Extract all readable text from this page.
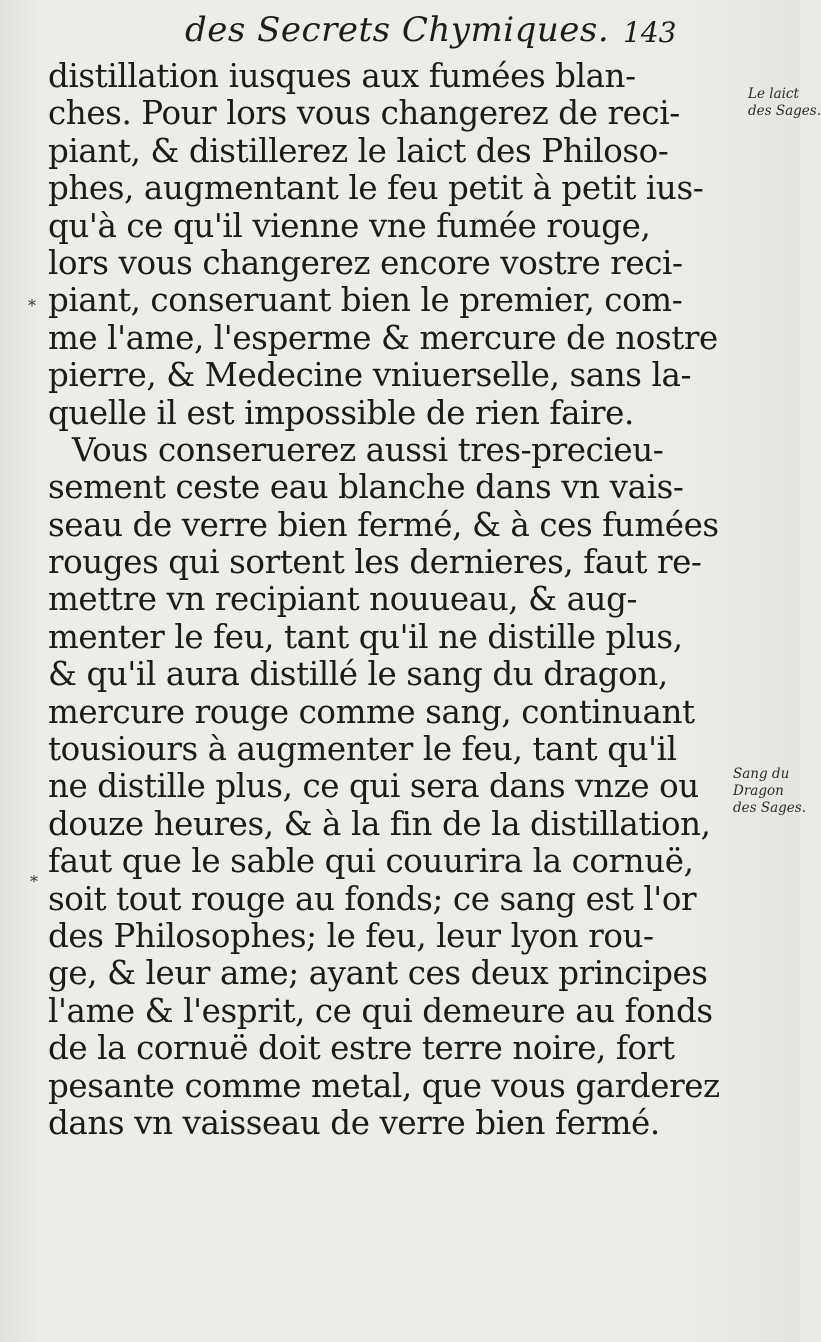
des Secrets Chymiques. 143
distillation iusques aux fumées blan-
ches. Pour lors vous changerez de reci-
piant, & distillerez le laict des Philoso-
phes, augmentant le feu petit à petit ius-
qu'à ce qu'il vienne vne fumée rouge,
lors vous changerez encore vostre reci-
piant, conseruant bien le premier, com-
me l'ame, l'esperme & mercure de nostre
pierre, & Medecine vniuerselle, sans la-
quelle il est impossible de rien faire.
Vous conseruerez aussi tres-precieu-
sement ceste eau blanche dans vn vais-
seau de verre bien fermé, & à ces fumées
rouges qui sortent les dernieres, faut re-
mettre vn recipiant nouueau, & aug-
menter le feu, tant qu'il ne distille plus,
& qu'il aura distillé le sang du dragon,
mercure rouge comme sang, continuant
tousiours à augmenter le feu, tant qu'il
ne distille plus, ce qui sera dans vnze ou
douze heures, & à la fin de la distillation,
faut que le sable qui couurira la cornuë,
soit tout rouge au fonds; ce sang est l'or
des Philosophes; le feu, leur lyon rou-
ge, & leur ame; ayant ces deux principes
l'ame & l'esprit, ce qui demeure au fonds
de la cornuë doit estre terre noire, fort
pesante comme metal, que vous garderez
dans vn vaisseau de verre bien fermé.
Le laict
des Sages.
Sang du
Dragon
des Sages.
*
*
